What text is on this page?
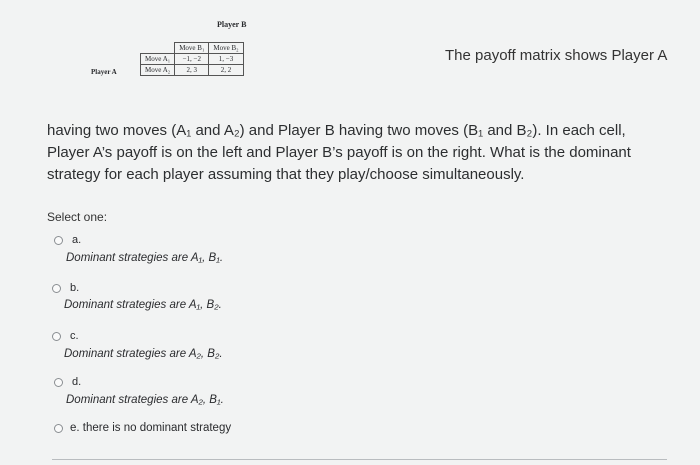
Player B
Player A
	Move B₁	Move B₂
Move A₁	−1, −2	1, −3
Move A₂	2, 3	2, 2
The payoff matrix shows Player A
having two moves (A₁ and A₂) and Player B having two moves (B₁ and B₂). In each cell, Player A’s payoff is on the left and Player B’s payoff is on the right. What is the dominant strategy for each player assuming that they play/choose simultaneously.
Select one:
a.
Dominant strategies are A₁, B₁.
b.
Dominant strategies are A₁, B₂.
c.
Dominant strategies are A₂, B₂.
d.
Dominant strategies are A₂, B₁.
e. there is no dominant strategy
